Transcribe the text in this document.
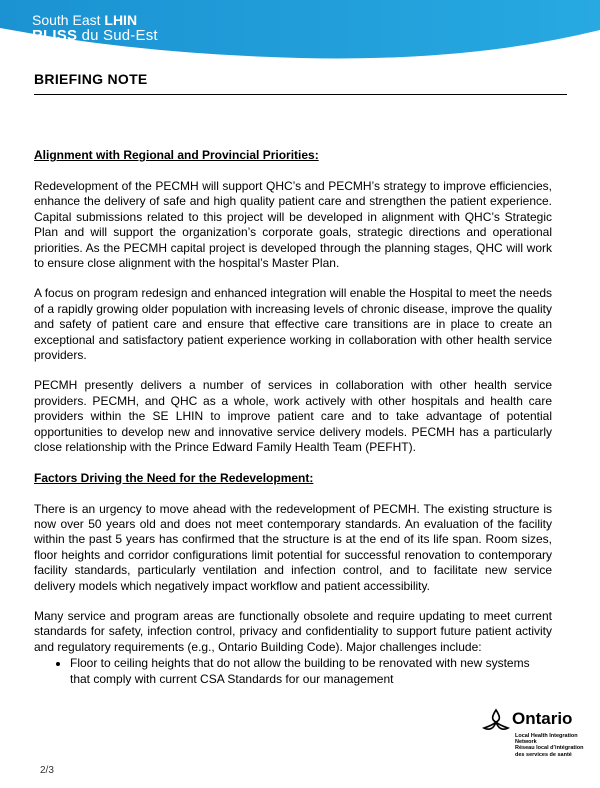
South East LHIN
RLISS du Sud-Est
BRIEFING NOTE
Alignment with Regional and Provincial Priorities:

Redevelopment of the PECMH will support QHC’s and PECMH’s strategy to improve efficiencies, enhance the delivery of safe and high quality patient care and strengthen the patient experience. Capital submissions related to this project will be developed in alignment with QHC’s Strategic Plan and will support the organization’s corporate goals, strategic directions and operational priorities. As the PECMH capital project is developed through the planning stages, QHC will work to ensure close alignment with the hospital’s Master Plan.

A focus on program redesign and enhanced integration will enable the Hospital to meet the needs of a rapidly growing older population with increasing levels of chronic disease, improve the quality and safety of patient care and ensure that effective care transitions are in place to create an exceptional and satisfactory patient experience working in collaboration with other health service providers.

PECMH presently delivers a number of services in collaboration with other health service providers. PECMH, and QHC as a whole, work actively with other hospitals and health care providers within the SE LHIN to improve patient care and to take advantage of potential opportunities to develop new and innovative service delivery models. PECMH has a particularly close relationship with the Prince Edward Family Health Team (PEFHT).

Factors Driving the Need for the Redevelopment:

There is an urgency to move ahead with the redevelopment of PECMH. The existing structure is now over 50 years old and does not meet contemporary standards. An evaluation of the facility within the past 5 years has confirmed that the structure is at the end of its life span. Room sizes, floor heights and corridor configurations limit potential for successful renovation to contemporary facility standards, particularly ventilation and infection control, and to facilitate new service delivery models which negatively impact workflow and patient accessibility.

Many service and program areas are functionally obsolete and require updating to meet current standards for safety, infection control, privacy and confidentiality to support future patient activity and regulatory requirements (e.g., Ontario Building Code). Major challenges include:

• Floor to ceiling heights that do not allow the building to be renovated with new systems that comply with current CSA Standards for our management
2/3
Ontario
Local Health Integration
Network
Réseau local d’intégration
des services de santé
